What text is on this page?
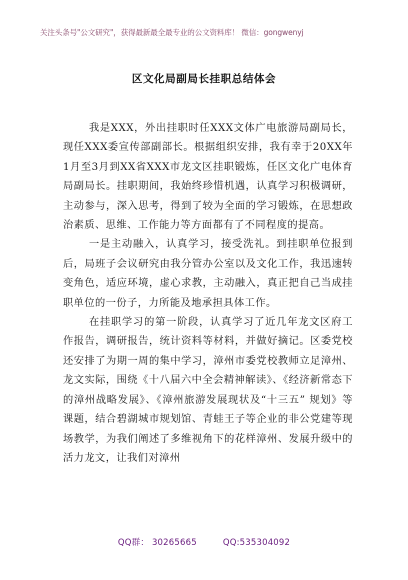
关注头条号"公文研究"，获得最新最全最专业的公文资料库！ 微信：gongwenyj
区文化局副局长挂职总结体会

我是XXX，外出挂职时任XXX文体广电旅游局副局长，现任XXX委宣传部副部长。根据组织安排，我有幸于20XX年1月至3月到XX省XXX市龙文区挂职锻炼，任区文化广电体育局副局长。挂职期间，我始终珍惜机遇，认真学习积极调研，主动参与，深入思考，得到了较为全面的学习锻炼，在思想政治素质、思维、工作能力等方面都有了不同程度的提高。

一是主动融入，认真学习，接受洗礼。到挂职单位报到后，局班子会议研究由我分管办公室以及文化工作，我迅速转变角色，适应环境，虚心求教，主动融入，真正把自己当成挂职单位的一份子，力所能及地承担具体工作。

在挂职学习的第一阶段，认真学习了近几年龙文区府工作报告，调研报告，统计资料等材料，并做好摘记。区委党校还安排了为期一周的集中学习，漳州市委党校教师立足漳州、龙文实际，围绕《十八届六中全会精神解读》、《经济新常态下的漳州战略发展》、《漳州旅游发展现状及“十三五” 规划》等课题，结合碧湖城市规划馆、青蛙王子等企业的非公党建等现场教学，为我们阐述了多维视角下的花样漳州、发展升级中的活力龙文，让我们对漳州

QQ群： 30265665	QQ:535304092
